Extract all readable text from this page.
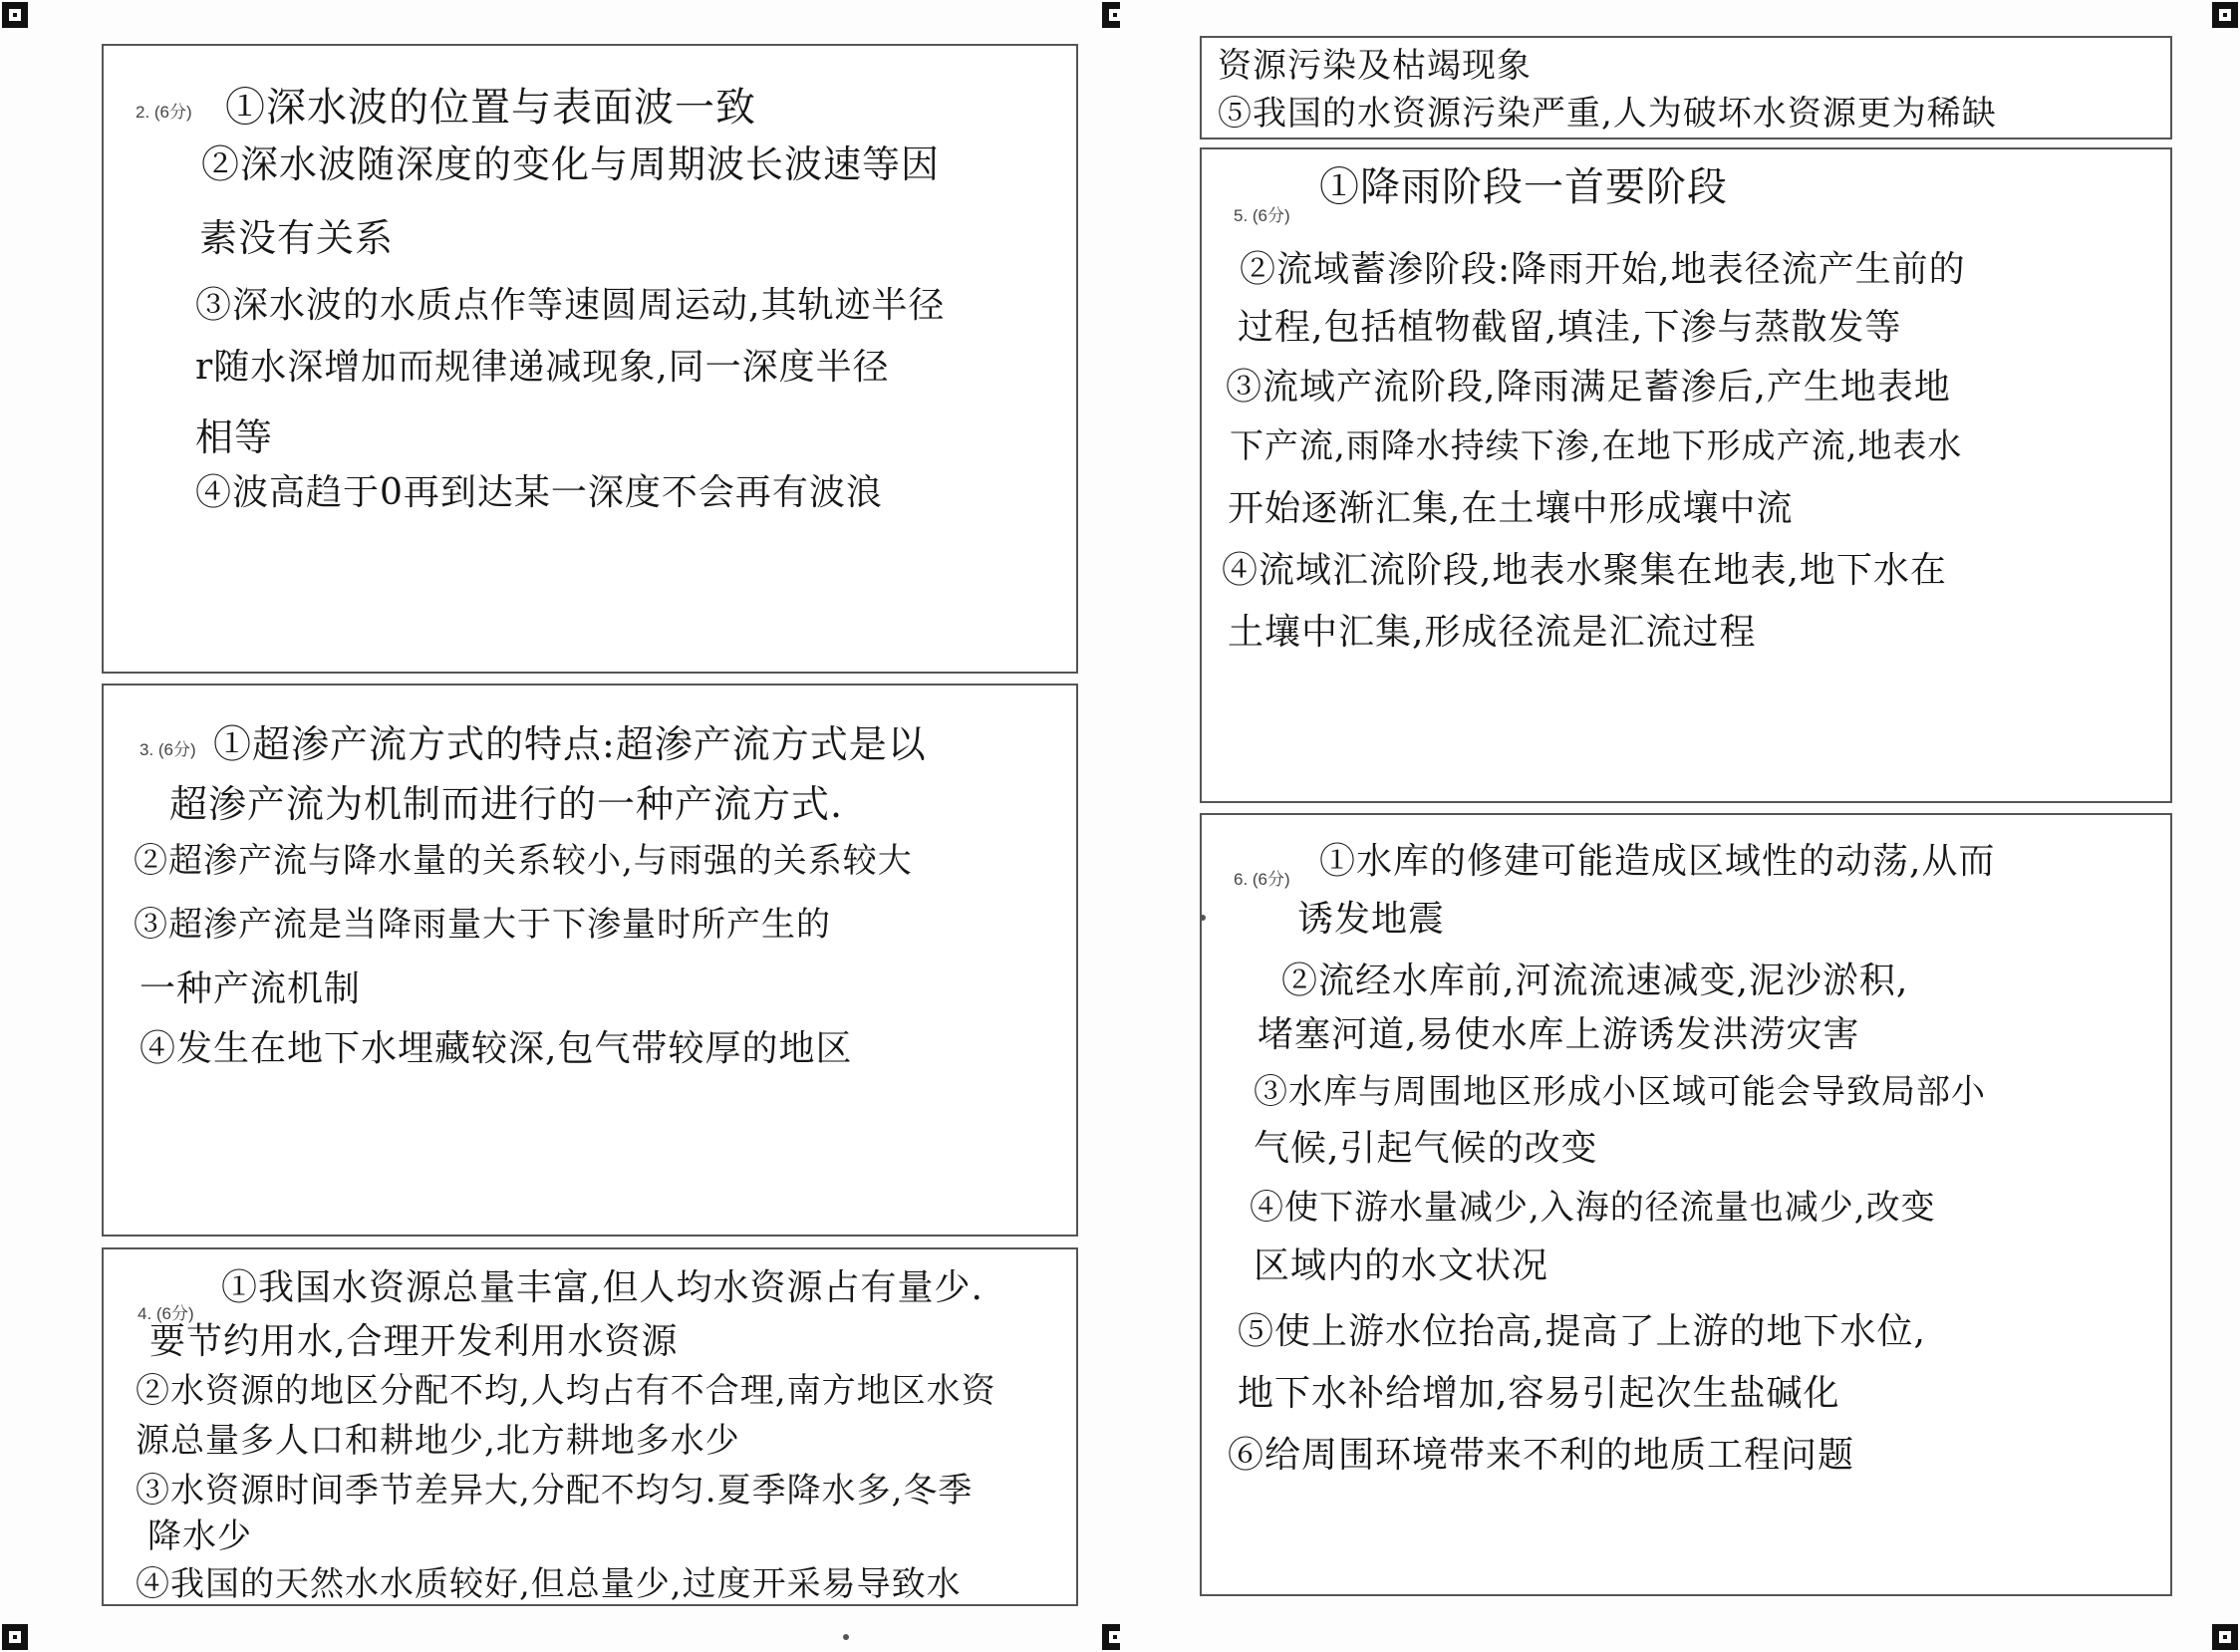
2. (6分) ①深水波的位置与表面波一致
②深水波随深度的变化与周期波长波速等因
素没有关系
③深水波的水质点作等速圆周运动,其轨迹半径
r随水深增加而规律递减现象,同一深度半径
相等
④波高趋于0再到达某一深度不会再有波浪
3. (6分) ①超渗产流方式的特点:超渗产流方式是以
超渗产流为机制而进行的一种产流方式.
②超渗产流与降水量的关系较小,与雨强的关系较大
③超渗产流是当降雨量大于下渗量时所产生的
一种产流机制
④发生在地下水埋藏较深,包气带较厚的地区
4. (6分)
①我国水资源总量丰富,但人均水资源占有量少.
要节约用水,合理开发利用水资源
②水资源的地区分配不均,人均占有不合理,南方地区水资
源总量多人口和耕地少,北方耕地多水少
③水资源时间季节差异大,分配不均匀.夏季降水多,冬季
降水少
④我国的天然水水质较好,但总量少,过度开采易导致水
资源污染及枯竭现象
⑤我国的水资源污染严重,人为破坏水资源更为稀缺
5. (6分)
①降雨阶段一首要阶段
②流域蓄渗阶段:降雨开始,地表径流产生前的
过程,包括植物截留,填洼,下渗与蒸散发等
③流域产流阶段,降雨满足蓄渗后,产生地表地
下产流,雨降水持续下渗,在地下形成产流,地表水
开始逐渐汇集,在土壤中形成壤中流
④流域汇流阶段,地表水聚集在地表,地下水在
土壤中汇集,形成径流是汇流过程
6. (6分) ①水库的修建可能造成区域性的动荡,从而
诱发地震
②流经水库前,河流流速减变,泥沙淤积,
堵塞河道,易使水库上游诱发洪涝灾害
③水库与周围地区形成小区域可能会导致局部小
气候,引起气候的改变
④使下游水量减少,入海的径流量也减少,改变
区域内的水文状况
⑤使上游水位抬高,提高了上游的地下水位,
地下水补给增加,容易引起次生盐碱化
⑥给周围环境带来不利的地质工程问题
